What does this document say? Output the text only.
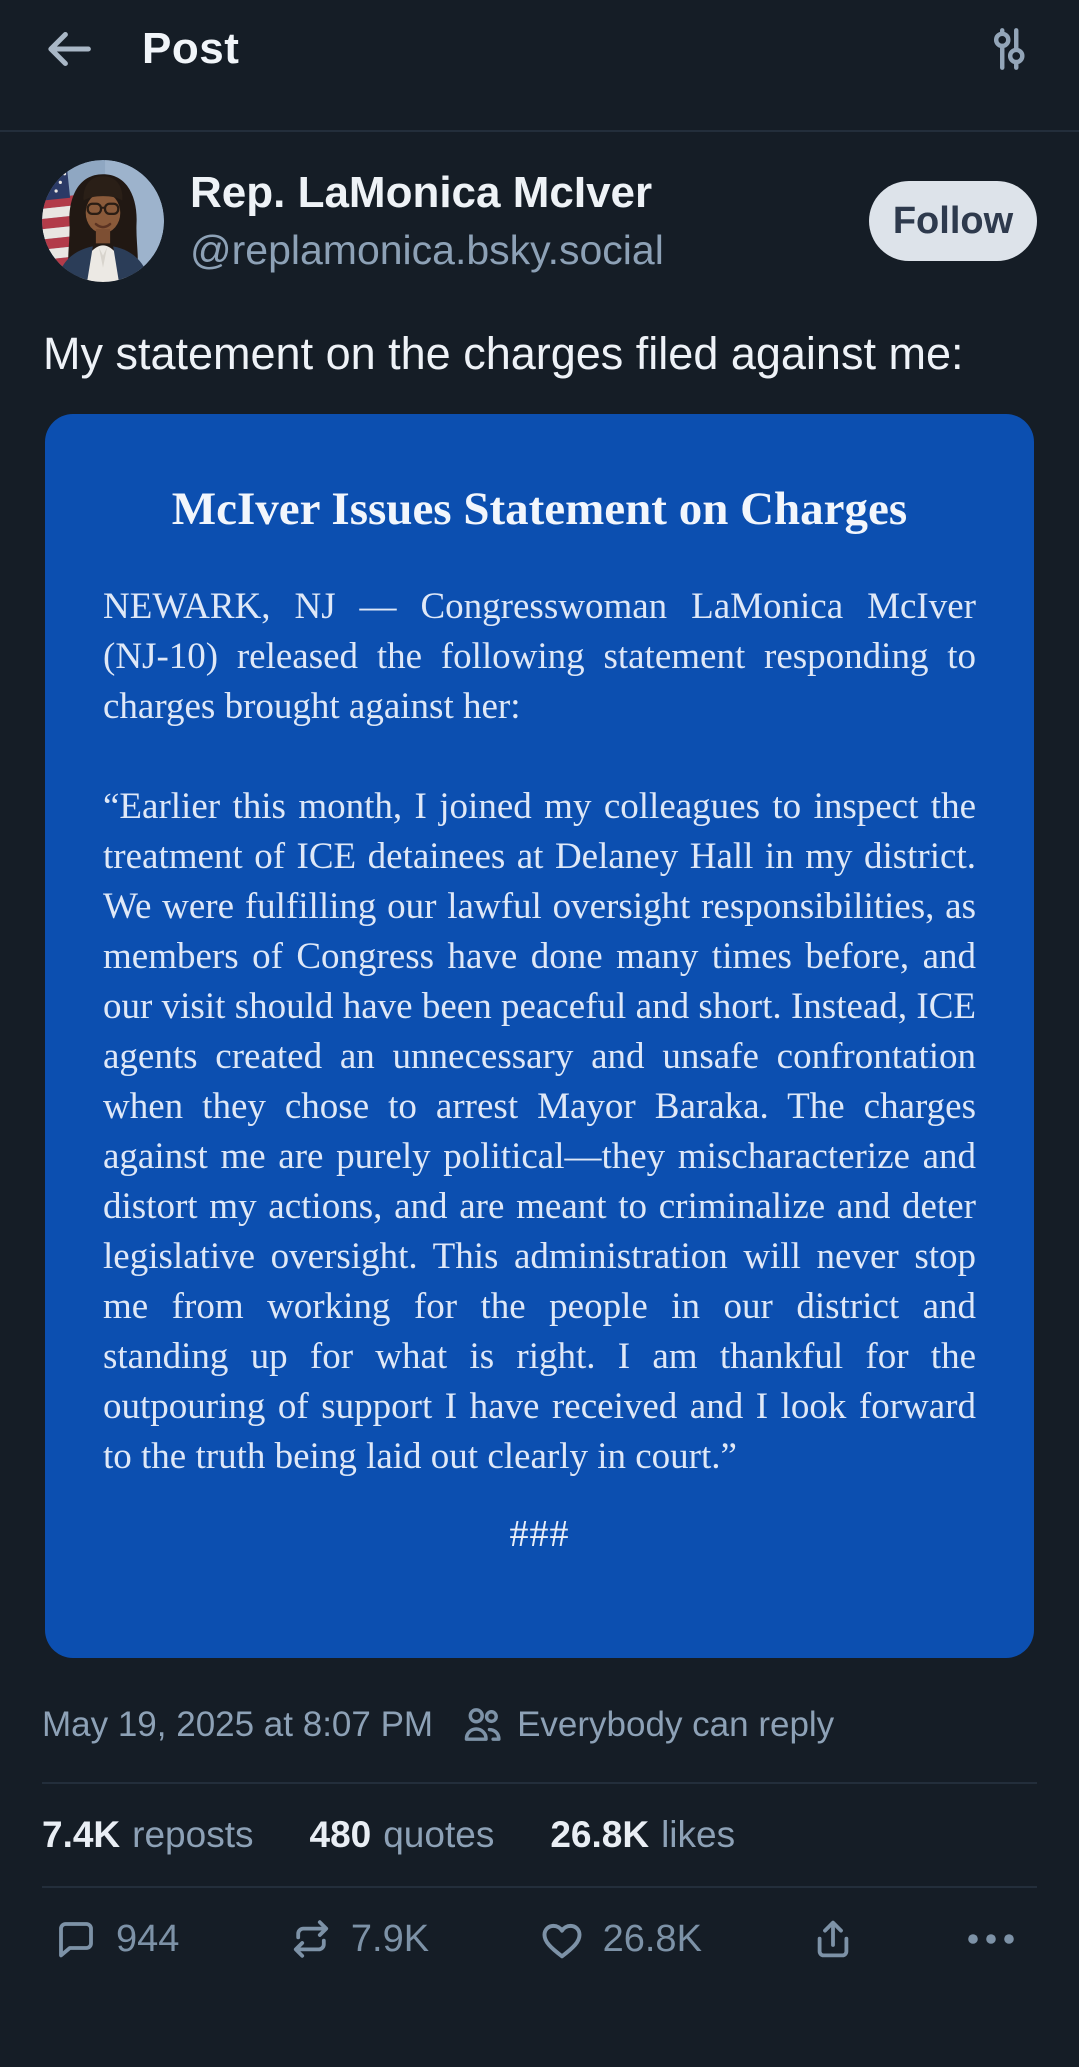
Post
Rep. LaMonica McIver
@replamonica.bsky.social
Follow
My statement on the charges filed against me:
McIver Issues Statement on Charges

NEWARK, NJ — Congresswoman LaMonica McIver (NJ-10) released the following statement responding to charges brought against her:

“Earlier this month, I joined my colleagues to inspect the treatment of ICE detainees at Delaney Hall in my district. We were fulfilling our lawful oversight responsibilities, as members of Congress have done many times before, and our visit should have been peaceful and short. Instead, ICE agents created an unnecessary and unsafe confrontation when they chose to arrest Mayor Baraka. The charges against me are purely political—they mischaracterize and distort my actions, and are meant to criminalize and deter legislative oversight. This administration will never stop me from working for the people in our district and standing up for what is right. I am thankful for the outpouring of support I have received and I look forward to the truth being laid out clearly in court.”

###
May 19, 2025 at 8:07 PM Everybody can reply
7.4K reposts 480 quotes 26.8K likes
944	7.9K	26.8K
